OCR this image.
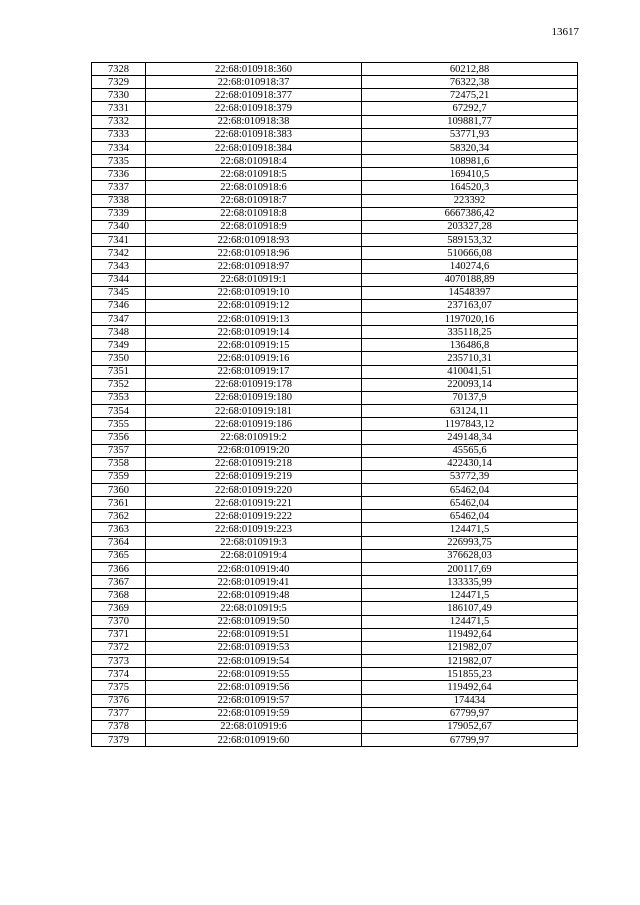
13617
7328	22:68:010918:360	60212,88
7329	22:68:010918:37	76322,38
7330	22:68:010918:377	72475,21
7331	22:68:010918:379	67292,7
7332	22:68:010918:38	109881,77
7333	22:68:010918:383	53771,93
7334	22:68:010918:384	58320,34
7335	22:68:010918:4	108981,6
7336	22:68:010918:5	169410,5
7337	22:68:010918:6	164520,3
7338	22:68:010918:7	223392
7339	22:68:010918:8	6667386,42
7340	22:68:010918:9	203327,28
7341	22:68:010918:93	589153,32
7342	22:68:010918:96	510666,08
7343	22:68:010918:97	140274,6
7344	22:68:010919:1	4070188,89
7345	22:68:010919:10	14548397
7346	22:68:010919:12	237163,07
7347	22:68:010919:13	1197020,16
7348	22:68:010919:14	335118,25
7349	22:68:010919:15	136486,8
7350	22:68:010919:16	235710,31
7351	22:68:010919:17	410041,51
7352	22:68:010919:178	220093,14
7353	22:68:010919:180	70137,9
7354	22:68:010919:181	63124,11
7355	22:68:010919:186	1197843,12
7356	22:68:010919:2	249148,34
7357	22:68:010919:20	45565,6
7358	22:68:010919:218	422430,14
7359	22:68:010919:219	53772,39
7360	22:68:010919:220	65462,04
7361	22:68:010919:221	65462,04
7362	22:68:010919:222	65462,04
7363	22:68:010919:223	124471,5
7364	22:68:010919:3	226993,75
7365	22:68:010919:4	376628,03
7366	22:68:010919:40	200117,69
7367	22:68:010919:41	133335,99
7368	22:68:010919:48	124471,5
7369	22:68:010919:5	186107,49
7370	22:68:010919:50	124471,5
7371	22:68:010919:51	119492,64
7372	22:68:010919:53	121982,07
7373	22:68:010919:54	121982,07
7374	22:68:010919:55	151855,23
7375	22:68:010919:56	119492,64
7376	22:68:010919:57	174434
7377	22:68:010919:59	67799,97
7378	22:68:010919:6	179052,67
7379	22:68:010919:60	67799,97
